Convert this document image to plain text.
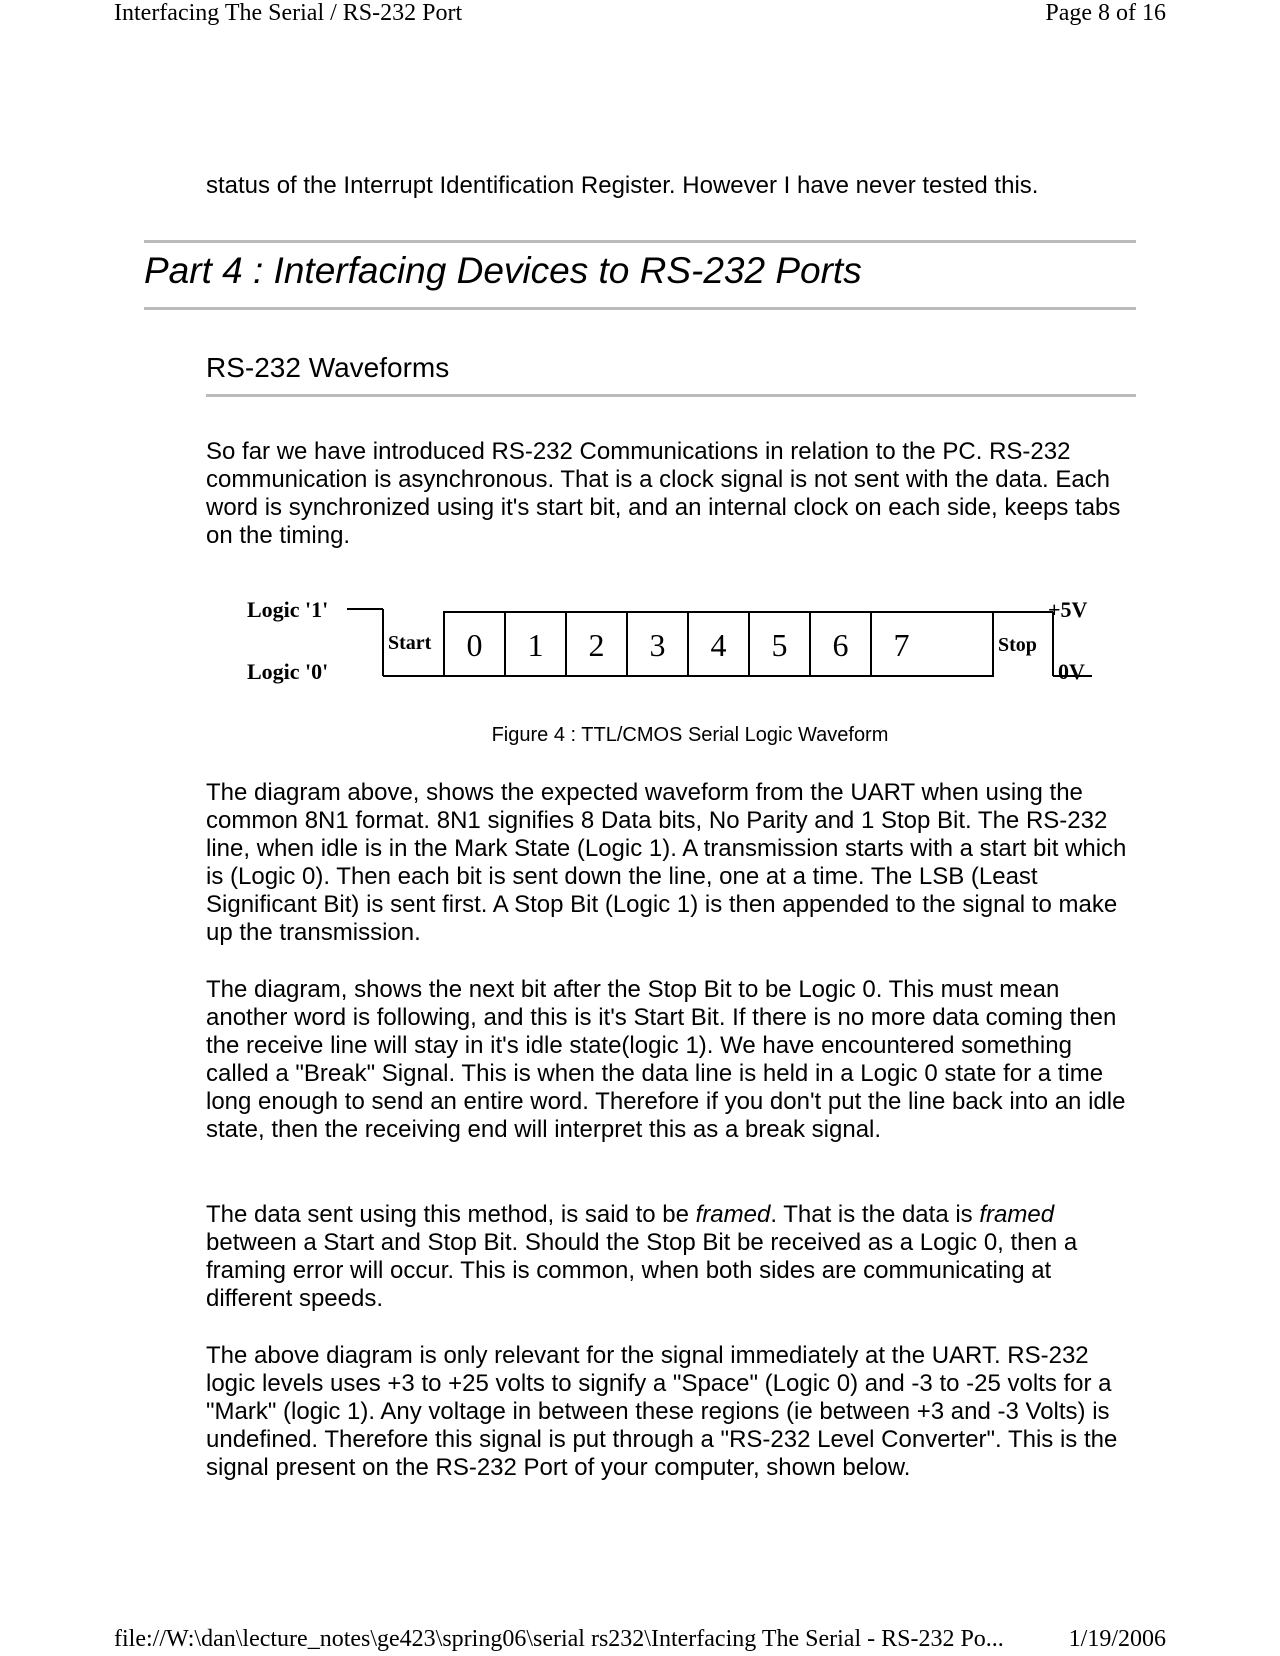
Interfacing The Serial / RS-232 Port	Page 8 of 16

status of the Interrupt Identification Register. However I have never tested this.

Part 4 : Interfacing Devices to RS-232 Ports
RS-232 Waveforms

So far we have introduced RS-232 Communications in relation to the PC. RS-232 communication is asynchronous. That is a clock signal is not sent with the data. Each word is synchronized using it's start bit, and an internal clock on each side, keeps tabs on the timing.

Logic '1'
Logic '0'
+5V
0V
Start 0 1 2 3 4 5 6 7	Stop

Figure 4 : TTL/CMOS Serial Logic Waveform

The diagram above, shows the expected waveform from the UART when using the common 8N1 format. 8N1 signifies 8 Data bits, No Parity and 1 Stop Bit. The RS-232 line, when idle is in the Mark State (Logic 1). A transmission starts with a start bit which is (Logic 0). Then each bit is sent down the line, one at a time. The LSB (Least Significant Bit) is sent first. A Stop Bit (Logic 1) is then appended to the signal to make up the transmission.

The diagram, shows the next bit after the Stop Bit to be Logic 0. This must mean another word is following, and this is it's Start Bit. If there is no more data coming then the receive line will stay in it's idle state(logic 1). We have encountered something called a "Break" Signal. This is when the data line is held in a Logic 0 state for a time long enough to send an entire word. Therefore if you don't put the line back into an idle state, then the receiving end will interpret this as a break signal.

The data sent using this method, is said to be framed. That is the data is framed between a Start and Stop Bit. Should the Stop Bit be received as a Logic 0, then a framing error will occur. This is common, when both sides are communicating at different speeds.

The above diagram is only relevant for the signal immediately at the UART. RS-232 logic levels uses +3 to +25 volts to signify a "Space" (Logic 0) and -3 to -25 volts for a "Mark" (logic 1). Any voltage in between these regions (ie between +3 and -3 Volts) is undefined. Therefore this signal is put through a "RS-232 Level Converter". This is the signal present on the RS-232 Port of your computer, shown below.

file://W:\dan\lecture_notes\ge423\spring06\serial rs232\Interfacing The Serial - RS-232 Po...	1/19/2006
